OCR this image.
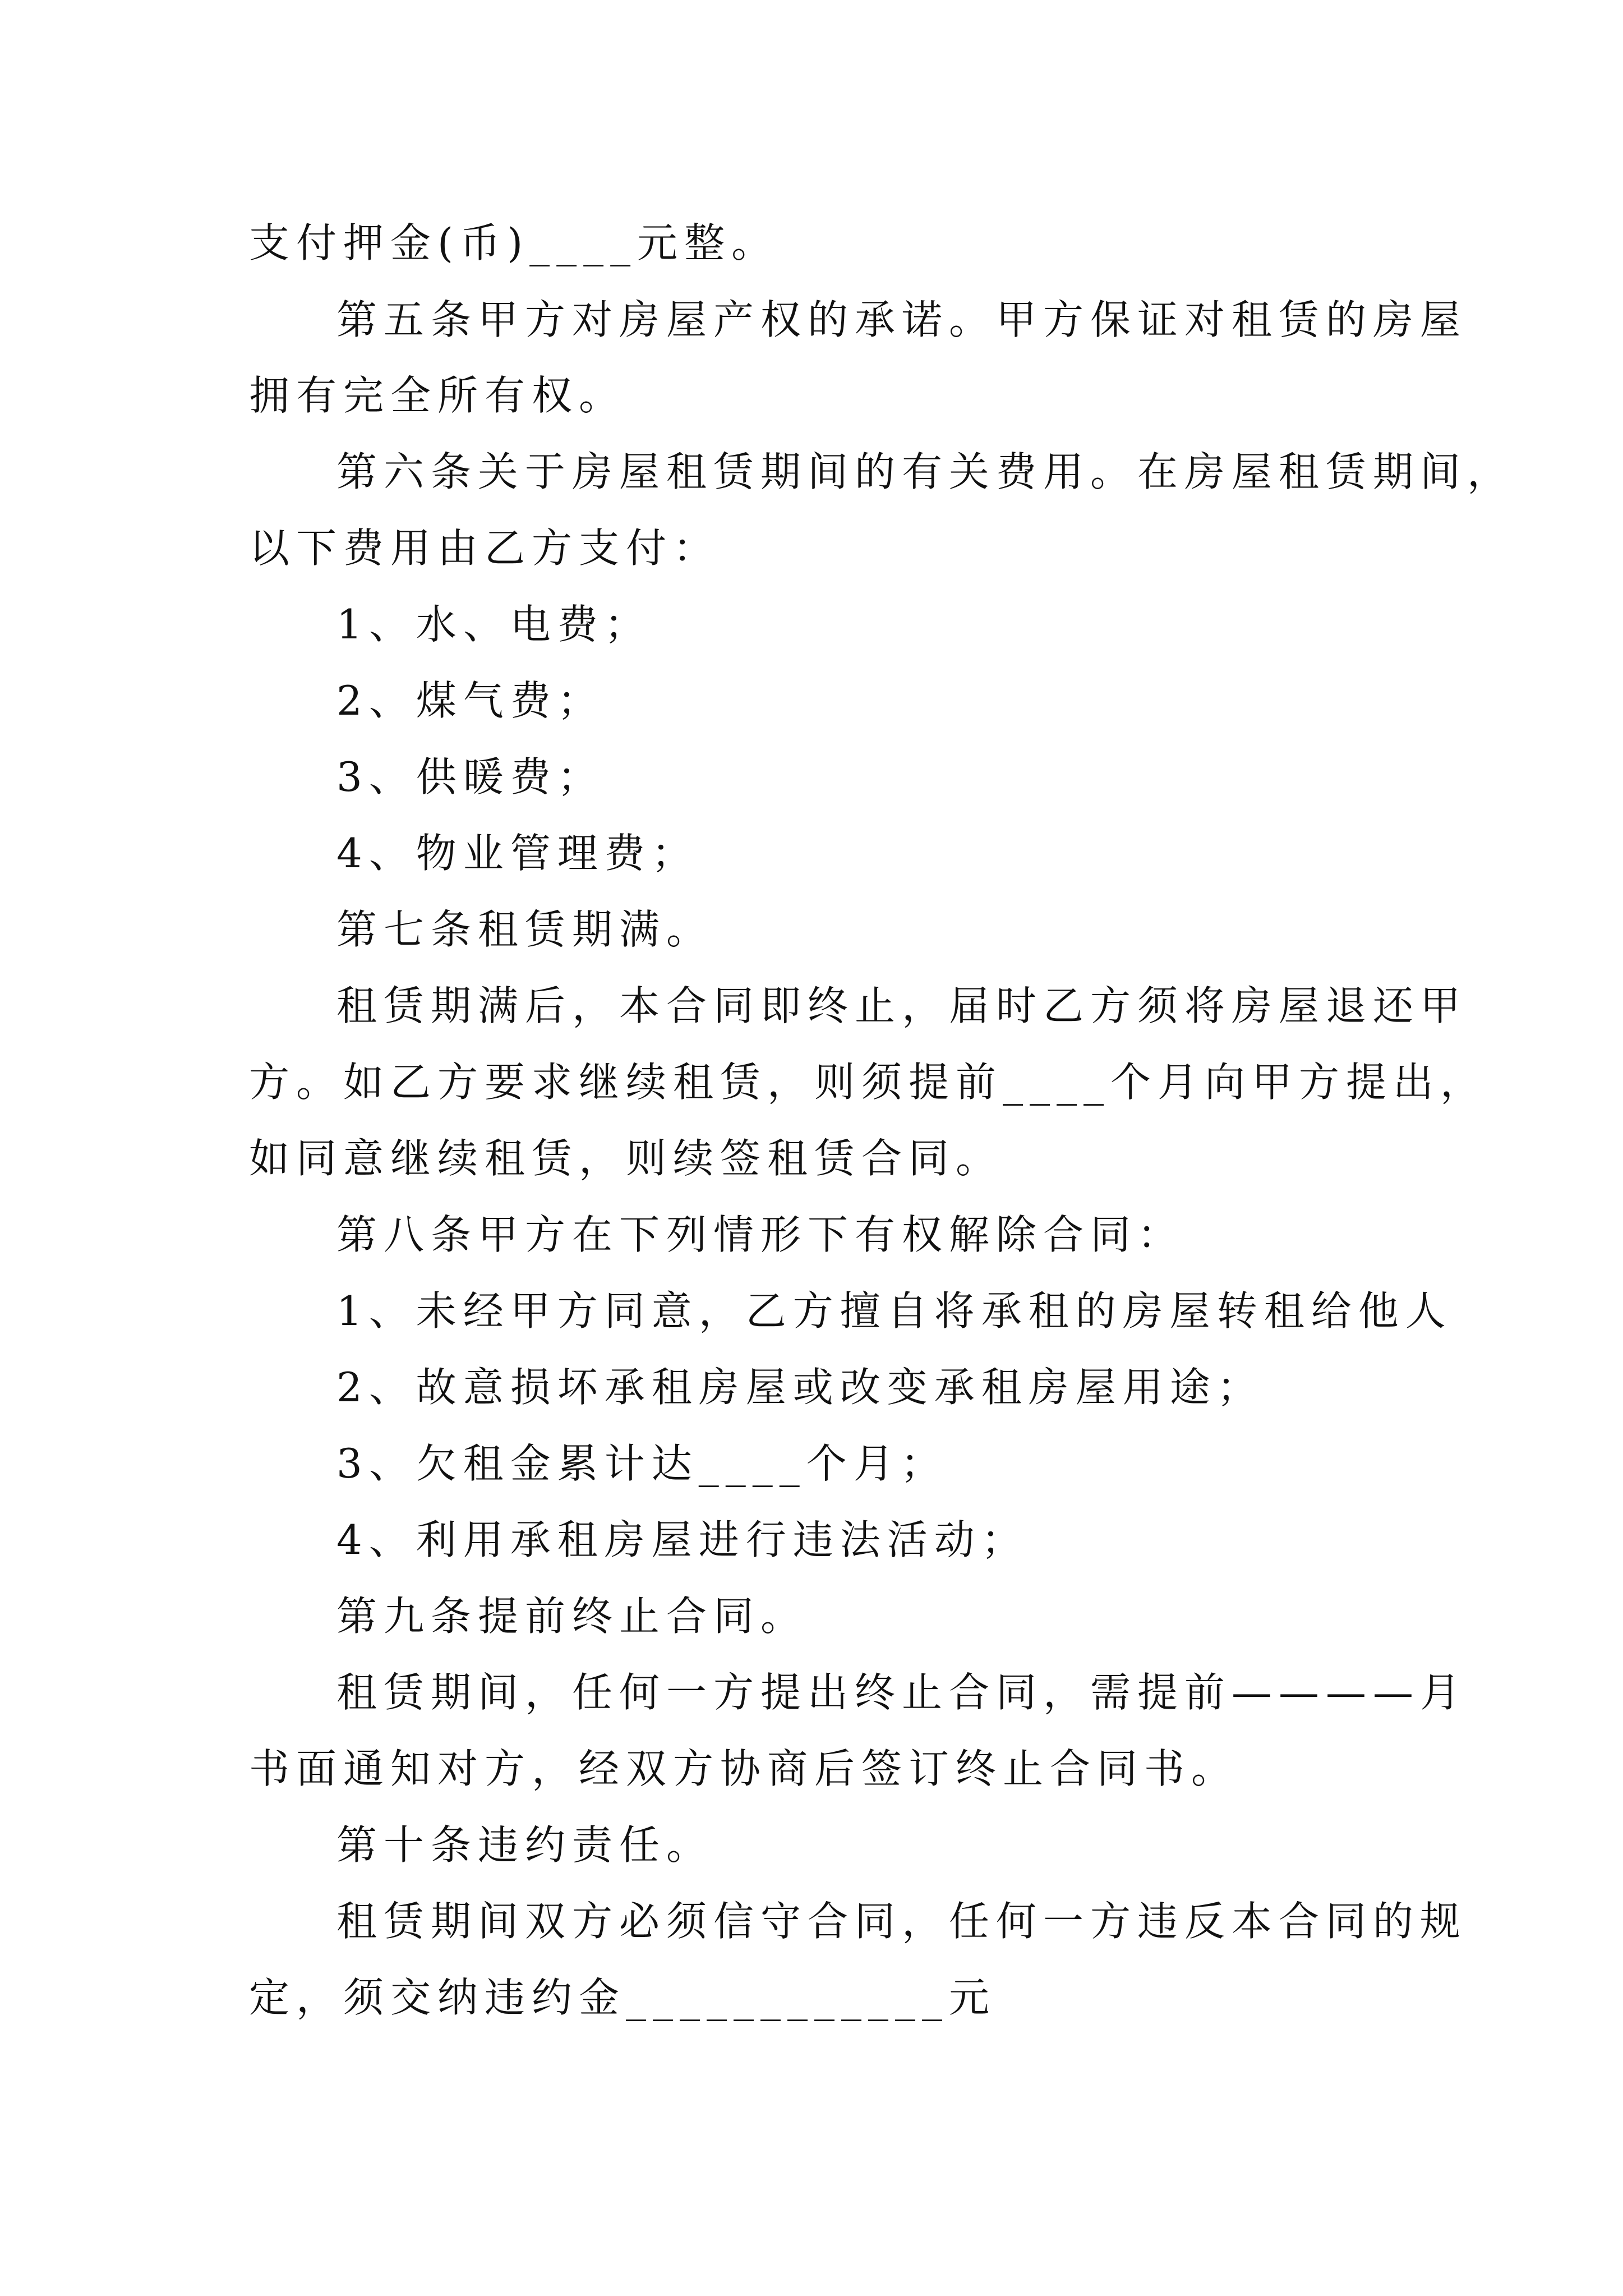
支付押金(币)____元整。
第五条甲方对房屋产权的承诺。甲方保证对租赁的房屋
拥有完全所有权。
第六条关于房屋租赁期间的有关费用。在房屋租赁期间，
以下费用由乙方支付：
1、水、电费；
2、煤气费；
3、供暖费；
4、物业管理费；
第七条租赁期满。
租赁期满后，本合同即终止，届时乙方须将房屋退还甲
方。如乙方要求继续租赁，则须提前____个月向甲方提出，
如同意继续租赁，则续签租赁合同。
第八条甲方在下列情形下有权解除合同：
1、未经甲方同意，乙方擅自将承租的房屋转租给他人
2、故意损坏承租房屋或改变承租房屋用途；
3、欠租金累计达____个月；
4、利用承租房屋进行违法活动；
第九条提前终止合同。
租赁期间，任何一方提出终止合同，需提前————月
书面通知对方，经双方协商后签订终止合同书。
第十条违约责任。
租赁期间双方必须信守合同，任何一方违反本合同的规
定，须交纳违约金____________元
